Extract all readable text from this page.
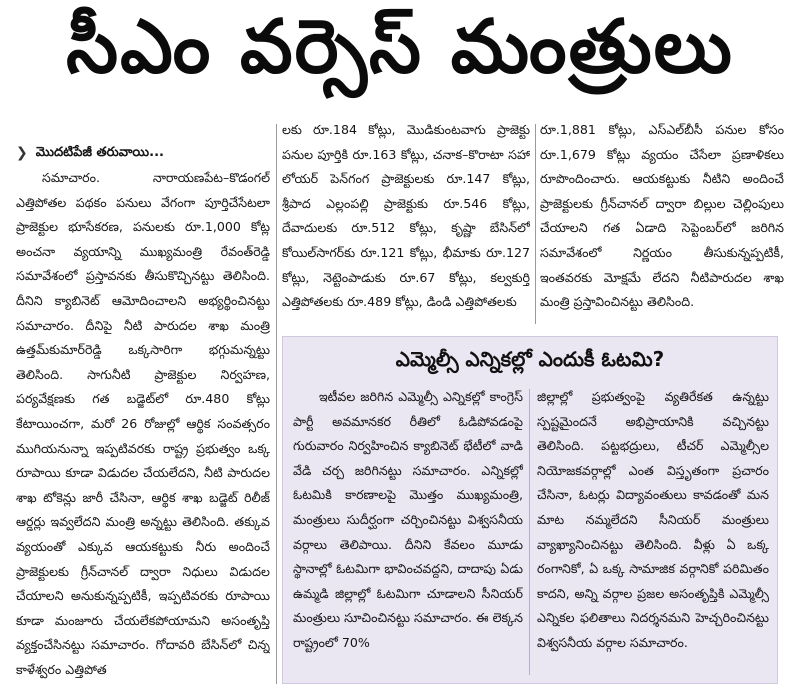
సీఎం వర్సెస్ మంత్రులు
❯ మొదటిపేజీ తరువాయి...

సమాచారం. నారాయణపేట–కొడంగల్ ఎత్తిపోతల పథకం పనులు వేగంగా పూర్తిచేసేటలా ప్రాజెక్టుల భూసేకరణ, పనులకు రూ.1,000 కోట్ల అంచనా వ్యయాన్ని ముఖ్యమంత్రి రేవంత్‌రెడ్డి సమావేశంలో ప్రస్తావనకు తీసుకొచ్చినట్టు తెలిసింది. దీనిని క్యాబినెట్ ఆమోదించాలని అభ్యర్థించినట్టు సమాచారం. దీనిపై నీటి పారుదల శాఖ మంత్రి ఉత్తమ్‌కుమార్‌రెడ్డి ఒక్కసారిగా భగ్గుమన్నట్టు తెలిసింది. సాగునీటి ప్రాజెక్టుల నిర్వహణ, పర్యవేక్షణకు గత బడ్జెట్‌లో రూ.480 కోట్లు కేటాయించగా, మరో 26 రోజుల్లో ఆర్థిక సంవత్సరం ముగియనున్నా ఇప్పటివరకు రాష్ట్ర ప్రభుత్వం ఒక్క రూపాయి కూడా విడుదల చేయలేదని, నీటి పారుదల శాఖ టోకెన్లు జారీ చేసినా, ఆర్థిక శాఖ బడ్జెట్ రిలీజ్ ఆర్డర్లు ఇవ్వలేదని మంత్రి అన్నట్టు తెలిసింది. తక్కువ వ్యయంతో ఎక్కువ ఆయకట్టుకు నీరు అందించే ప్రాజెక్టులకు గ్రీన్‌చానల్ ద్వారా నిధులు విడుదల చేయాలని అనుకున్నప్పటికీ, ఇప్పటివరకు రూపాయి కూడా మంజూరు చేయలేకపోయామని అసంతృప్తి వ్యక్తంచేసినట్టు సమాచారం. గోదావరి బేసిన్‌లో చిన్న కాళేశ్వరం ఎత్తిపోత

లకు రూ.184 కోట్లు, మొడికుంటవాగు ప్రాజెక్టు పనుల పూర్తికి రూ.163 కోట్లు, చనాక–కొరాటా సహా లోయర్ పెన్‌గంగ ప్రాజెక్టులకు రూ.147 కోట్లు, శ్రీపాద ఎల్లంపల్లి ప్రాజెక్టుకు రూ.546 కోట్లు, దేవాదులకు రూ.512 కోట్లు, కృష్ణా బేసిన్‌లో కోయిల్‌సాగర్‌కు రూ.121 కోట్లు, భీమాకు రూ.127 కోట్లు, నెట్టెంపాడుకు రూ.67 కోట్లు, కల్వకుర్తి ఎత్తిపోతలకు రూ.489 కోట్లు, డిండి ఎత్తిపోతలకు

రూ.1,881 కోట్లు, ఎస్ఎల్‌బీసీ పనుల కోసం రూ.1,679 కోట్లు వ్యయం చేసేలా ప్రణాళికలు రూపొందించారు. ఆయకట్టుకు నీటిని అందించే ప్రాజెక్టులకు గ్రీన్‌చానల్ ద్వారా బిల్లుల చెల్లింపులు చేయాలని గత ఏడాది సెప్టెంబర్‌లో జరిగిన సమావేశంలో నిర్ణయం తీసుకున్నప్పటికీ, ఇంతవరకు మోక్షమే లేదని నీటిపారుదల శాఖ మంత్రి ప్రస్తావించినట్టు తెలిసింది.

ఎమ్మెల్సీ ఎన్నికల్లో ఎందుకీ ఓటమి?

ఇటీవల జరిగిన ఎమ్మెల్సీ ఎన్నికల్లో కాంగ్రెస్ పార్టీ అవమానకర రీతిలో ఓడిపోవడంపై గురువారం నిర్వహించిన క్యాబినెట్ భేటీలో వాడి వేడి చర్చ జరిగినట్టు సమాచారం. ఎన్నికల్లో ఓటమికి కారణాలపై మొత్తం ముఖ్యమంత్రి, మంత్రులు సుదీర్ఘంగా చర్చించినట్టు విశ్వసనీయ వర్గాలు తెలిపాయి. దీనిని కేవలం మూడు స్థానాల్లో ఓటమిగా భావించవద్దని, దాదాపు ఏడు ఉమ్మడి జిల్లాల్లో ఓటమిగా చూడాలని సీనియర్ మంత్రులు సూచించినట్టు సమాచారం. ఈ లెక్కన రాష్ట్రంలో 70%

జిల్లాల్లో ప్రభుత్వంపై వ్యతిరేకత ఉన్నట్టు స్పష్టమైందనే అభిప్రాయానికి వచ్చినట్టు తెలిసింది. పట్టభద్రులు, టీచర్ ఎమ్మెల్సీల నియోజకవర్గాల్లో ఎంత విస్తృతంగా ప్రచారం చేసినా, ఓటర్లు విద్యావంతులు కావడంతో మన మాట నమ్మలేదని సీనియర్ మంత్రులు వ్యాఖ్యానించినట్టు తెలిసింది. వీళ్లు ఏ ఒక్క రంగానికో, ఏ ఒక్క సామాజిక వర్గానికో పరిమితం కాదని, అన్ని వర్గాల ప్రజల అసంతృప్తికి ఎమ్మెల్సీ ఎన్నికల ఫలితాలు నిదర్శనమని హెచ్చరించినట్టు విశ్వసనీయ వర్గాల సమాచారం.
